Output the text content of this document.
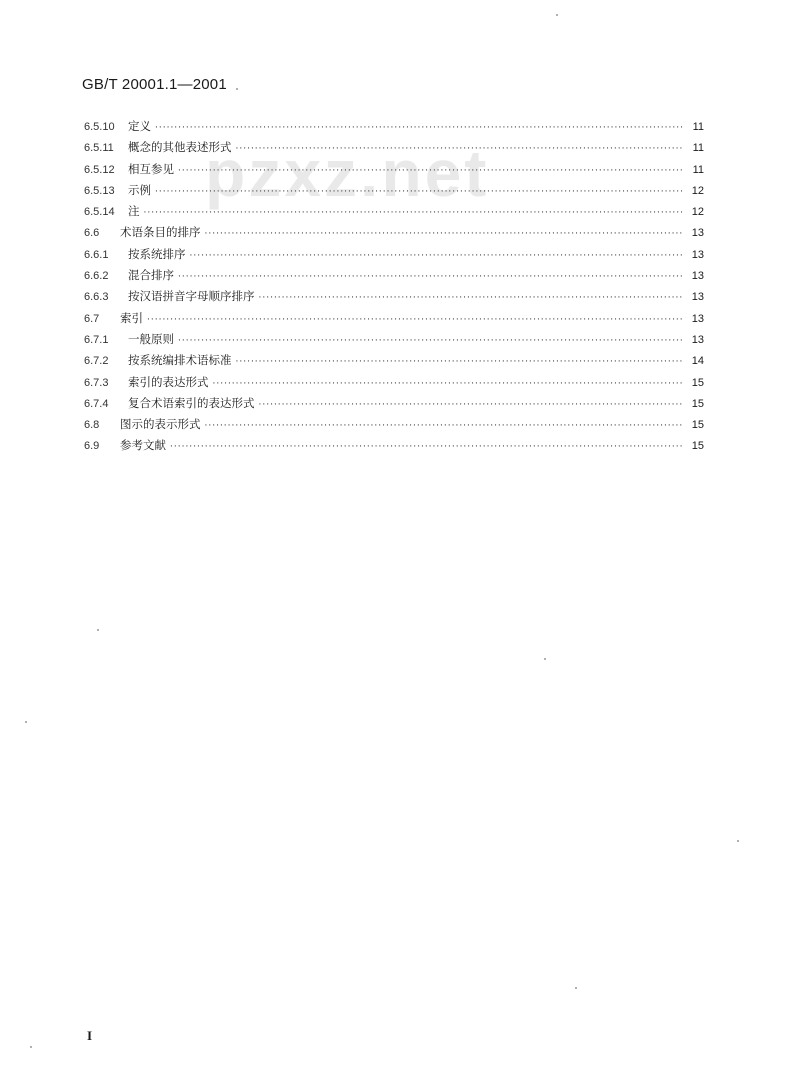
GB/T 20001.1—2001
pzxz.net
6.5.10	定义 ·····	11
6.5.11	概念的其他表述形式 ·····	11
6.5.12	相互参见 ·····	11
6.5.13	示例 ·····	12
6.5.14	注 ·····	12
6.6	术语条目的排序 ·····	13
6.6.1	按系统排序 ·····	13
6.6.2	混合排序 ·····	13
6.6.3	按汉语拼音字母顺序排序 ·····	13
6.7	索引 ·····	13
6.7.1	一般原则 ·····	13
6.7.2	按系统编排术语标准 ·····	14
6.7.3	索引的表达形式 ·····	15
6.7.4	复合术语索引的表达形式 ·····	15
6.8	图示的表示形式 ·····	15
6.9	参考文献 ·····	15
I
